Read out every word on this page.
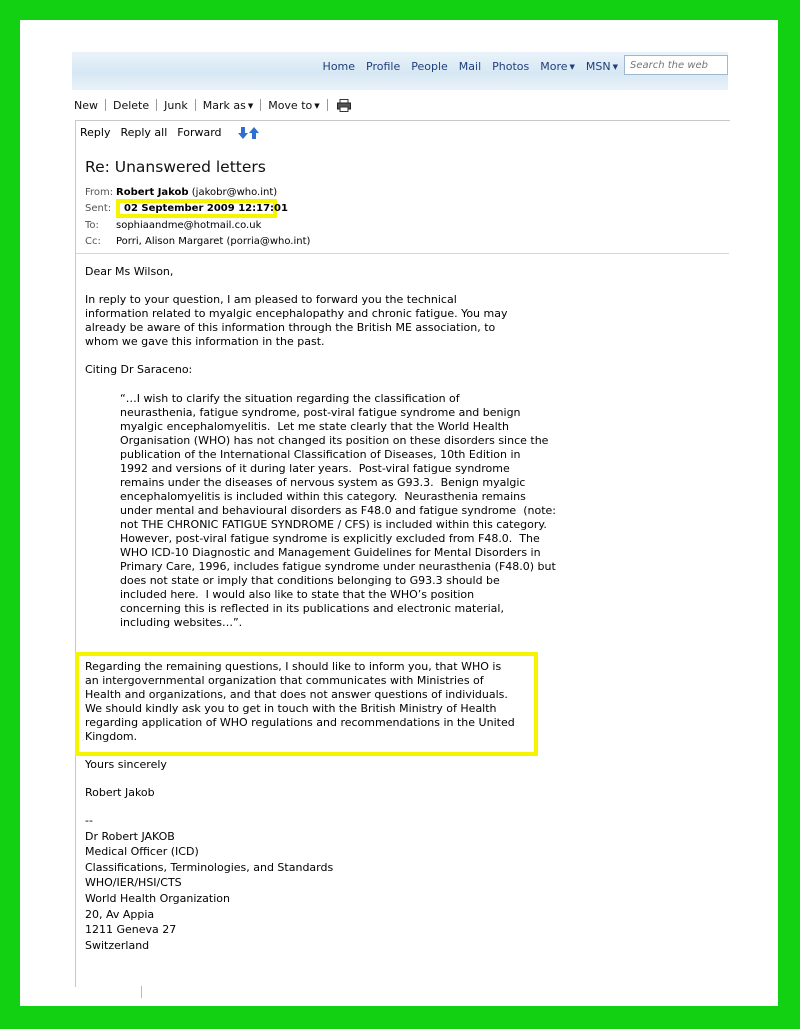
Home Profile People Mail Photos More ▼ MSN ▼
Search the web
New Delete Junk Mark as ▼ Move to ▼
Reply Reply all Forward
Re: Unanswered letters
From: Robert Jakob (jakobr@who.int)
Sent:	02 September 2009 12:17:01
To: sophiaandme@hotmail.co.uk
Cc: Porri, Alison Margaret (porria@who.int)
Dear Ms Wilson,
In reply to your question, I am pleased to forward you the technical
information related to myalgic encephalopathy and chronic fatigue. You may
already be aware of this information through the British ME association, to
whom we gave this information in the past.
Citing Dr Saraceno:
“…I wish to clarify the situation regarding the classification of
neurasthenia, fatigue syndrome, post-viral fatigue syndrome and benign
myalgic encephalomyelitis.  Let me state clearly that the World Health
Organisation (WHO) has not changed its position on these disorders since the
publication of the International Classification of Diseases, 10th Edition in
1992 and versions of it during later years.  Post-viral fatigue syndrome
remains under the diseases of nervous system as G93.3.  Benign myalgic
encephalomyelitis is included within this category.  Neurasthenia remains
under mental and behavioural disorders as F48.0 and fatigue syndrome  (note:
not THE CHRONIC FATIGUE SYNDROME / CFS) is included within this category.
However, post-viral fatigue syndrome is explicitly excluded from F48.0.  The
WHO ICD-10 Diagnostic and Management Guidelines for Mental Disorders in
Primary Care, 1996, includes fatigue syndrome under neurasthenia (F48.0) but
does not state or imply that conditions belonging to G93.3 should be
included here.  I would also like to state that the WHO’s position
concerning this is reflected in its publications and electronic material,
including websites…”.
Regarding the remaining questions, I should like to inform you, that WHO is
an intergovernmental organization that communicates with Ministries of
Health and organizations, and that does not answer questions of individuals.
We should kindly ask you to get in touch with the British Ministry of Health
regarding application of WHO regulations and recommendations in the United
Kingdom.
Yours sincerely
Robert Jakob
--
Dr Robert JAKOB
Medical Officer (ICD)
Classifications, Terminologies, and Standards
WHO/IER/HSI/CTS
World Health Organization
20, Av Appia
1211 Geneva 27
Switzerland
